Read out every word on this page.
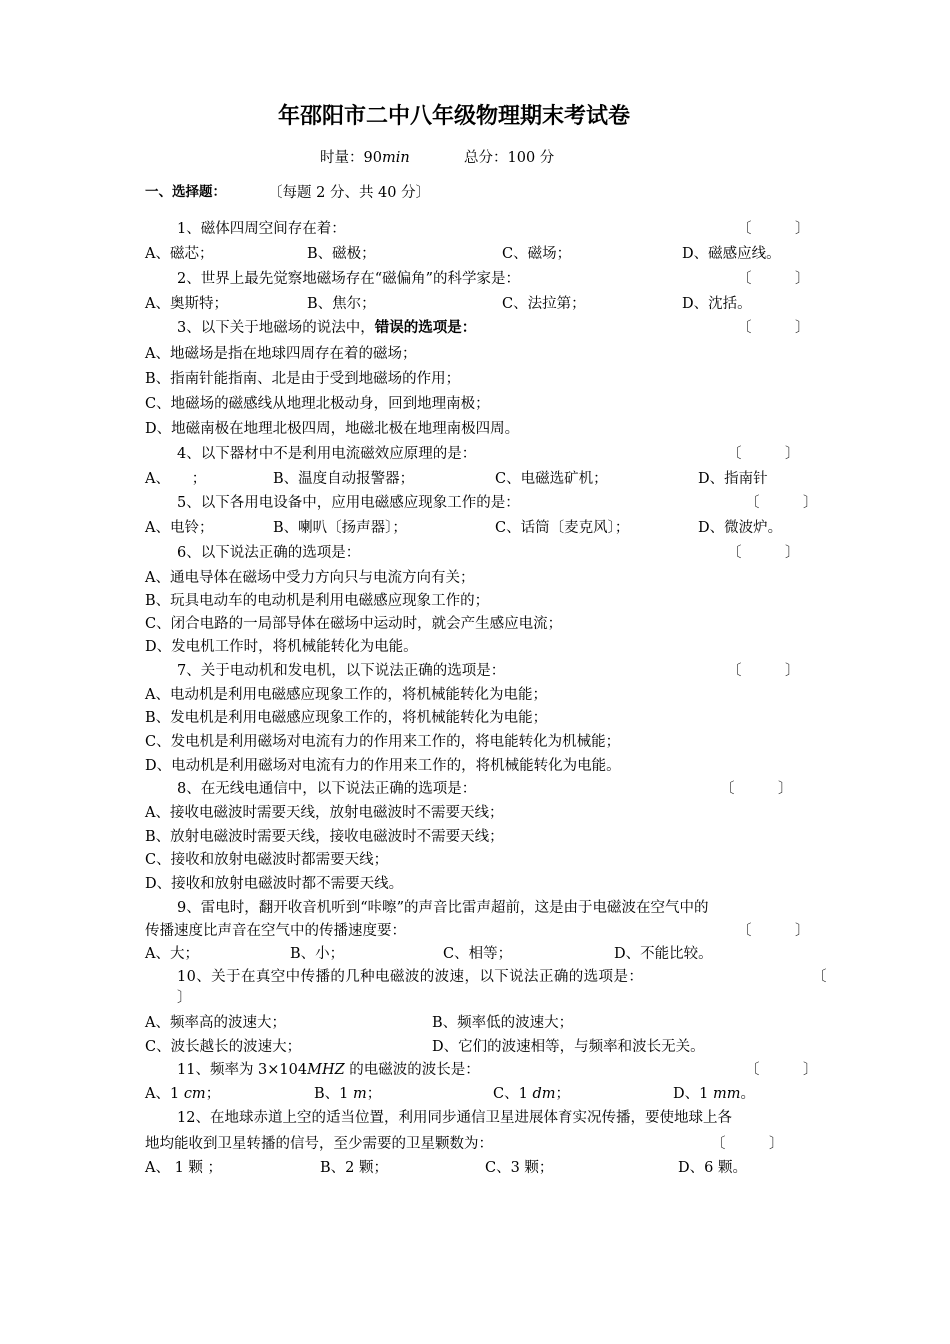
年邵阳市二中八年级物理期末考试卷
时量：90min	总分：100 分
一、选择题：	〔每题 2 分、共 40 分〕
1、磁体四周空间存在着：	〔　　　〕
A、磁芯；	B、磁极；	C、磁场；	D、磁感应线。
2、世界上最先觉察地磁场存在“磁偏角”的科学家是：	〔　　　〕
A、奥斯特；	B、焦尔；	C、法拉第；	D、沈括。
3、以下关于地磁场的说法中，错误的选项是：	〔　　　〕
A、地磁场是指在地球四周存在着的磁场；
B、指南针能指南、北是由于受到地磁场的作用；
C、地磁场的磁感线从地理北极动身，回到地理南极；
D、地磁南极在地理北极四周，地磁北极在地理南极四周。
4、以下器材中不是利用电流磁效应原理的是：	〔　　　〕
A、　　；	B、温度自动报警器；	C、电磁选矿机；	D、指南针
5、以下各用电设备中，应用电磁感应现象工作的是：	〔　　　〕
A、电铃；	B、喇叭〔扬声器〕；	C、话筒〔麦克风〕；	D、微波炉。
6、以下说法正确的选项是：	〔　　　〕
A、通电导体在磁场中受力方向只与电流方向有关；
B、玩具电动车的电动机是利用电磁感应现象工作的；
C、闭合电路的一局部导体在磁场中运动时，就会产生感应电流；
D、发电机工作时，将机械能转化为电能。
7、关于电动机和发电机，以下说法正确的选项是：	〔　　　〕
A、电动机是利用电磁感应现象工作的，将机械能转化为电能；
B、发电机是利用电磁感应现象工作的，将机械能转化为电能；
C、发电机是利用磁场对电流有力的作用来工作的，将电能转化为机械能；
D、电动机是利用磁场对电流有力的作用来工作的，将机械能转化为电能。
8、在无线电通信中，以下说法正确的选项是：	〔　　　〕
A、接收电磁波时需要天线，放射电磁波时不需要天线；
B、放射电磁波时需要天线，接收电磁波时不需要天线；
C、接收和放射电磁波时都需要天线；
D、接收和放射电磁波时都不需要天线。
9、雷电时，翻开收音机听到“咔嚓”的声音比雷声超前，这是由于电磁波在空气中的
传播速度比声音在空气中的传播速度要：	〔　　　〕
A、大；	B、小；	C、相等；	D、不能比较。
10、关于在真空中传播的几种电磁波的波速，以下说法正确的选项是：	〔
〕
A、频率高的波速大；	B、频率低的波速大；
C、波长越长的波速大；	D、它们的波速相等，与频率和波长无关。
11、频率为 3×104MHZ 的电磁波的波长是：	〔　　　〕
A、1 cm；	B、1 m；	C、1 dm；	D、1 mm。
12、在地球赤道上空的适当位置，利用同步通信卫星进展体育实况传播，要使地球上各
地均能收到卫星转播的信号，至少需要的卫星颗数为：	〔　　　〕
A、 1 颗 ；	B、2 颗；	C、3 颗；	D、6 颗。
